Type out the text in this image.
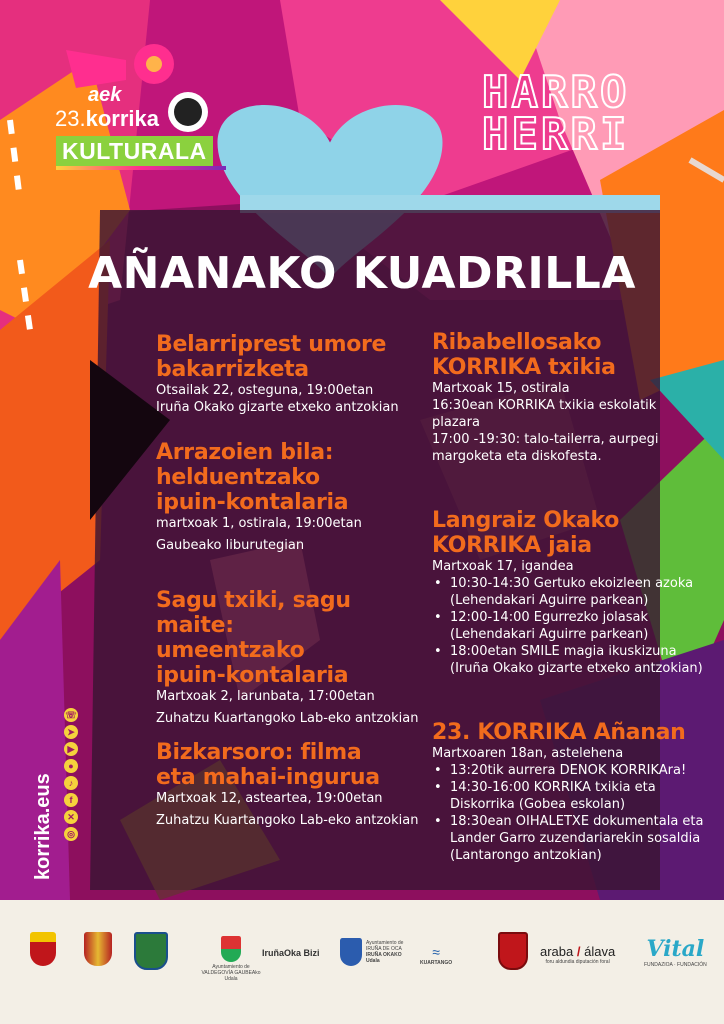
aek
23.korrika
KULTURALA
HARRO
HERRI
AÑANAKO KUADRILLA
Belarriprest umore
bakarrizketa
Otsailak 22, osteguna, 19:00etan
Iruña Okako gizarte etxeko antzokian
Arrazoien bila:
helduentzako
ipuin-kontalaria
martxoak 1, ostirala, 19:00etan
Gaubeako liburutegian
Sagu txiki, sagu maite:
umeentzako
ipuin-kontalaria
Martxoak 2, larunbata, 17:00etan
Zuhatzu Kuartangoko Lab-eko antzokian
Bizkarsoro: filma
eta mahai-ingurua
Martxoak 12, asteartea, 19:00etan
Zuhatzu Kuartangoko Lab-eko antzokian
Ribabellosako
KORRIKA txikia
Martxoak 15, ostirala
16:30ean KORRIKA txikia eskolatik
plazara
17:00 -19:30: talo-tailerra, aurpegi
margoketa eta diskofesta.
Langraiz Okako
KORRIKA jaia
Martxoak 17, igandea
• 10:30-14:30 Gertuko ekoizleen azoka
(Lehendakari Aguirre parkean)
• 12:00-14:00 Egurrezko jolasak
(Lehendakari Aguirre parkean)
• 18:00etan SMILE magia ikuskizuna
(Iruña Okako gizarte etxeko antzokian)
23. KORRIKA Añanan
Martxoaren 18an, astelehena
• 13:20tik aurrera DENOK KORRIKAra!
• 14:30-16:00 KORRIKA txikia eta
Diskorrika (Gobea eskolan)
• 18:30ean OIHALETXE dokumentala eta
Lander Garro zuzendariarekin sosaldia
(Lantarongo antzokian)
korrika.eus
☏
➤
▶
●
♪
f
✕
◎
Ayuntamiento de VALDEGOVÍA GAUBEAko Udala
IruñaOka Bizi
Ayuntamiento de IRUÑA DE OCA
IRUÑA OKAKO Udala
≈
KUARTANGO
araba / álava
foru aldundia diputación foral Vital
FUNDAZIOA · FUNDACIÓN
